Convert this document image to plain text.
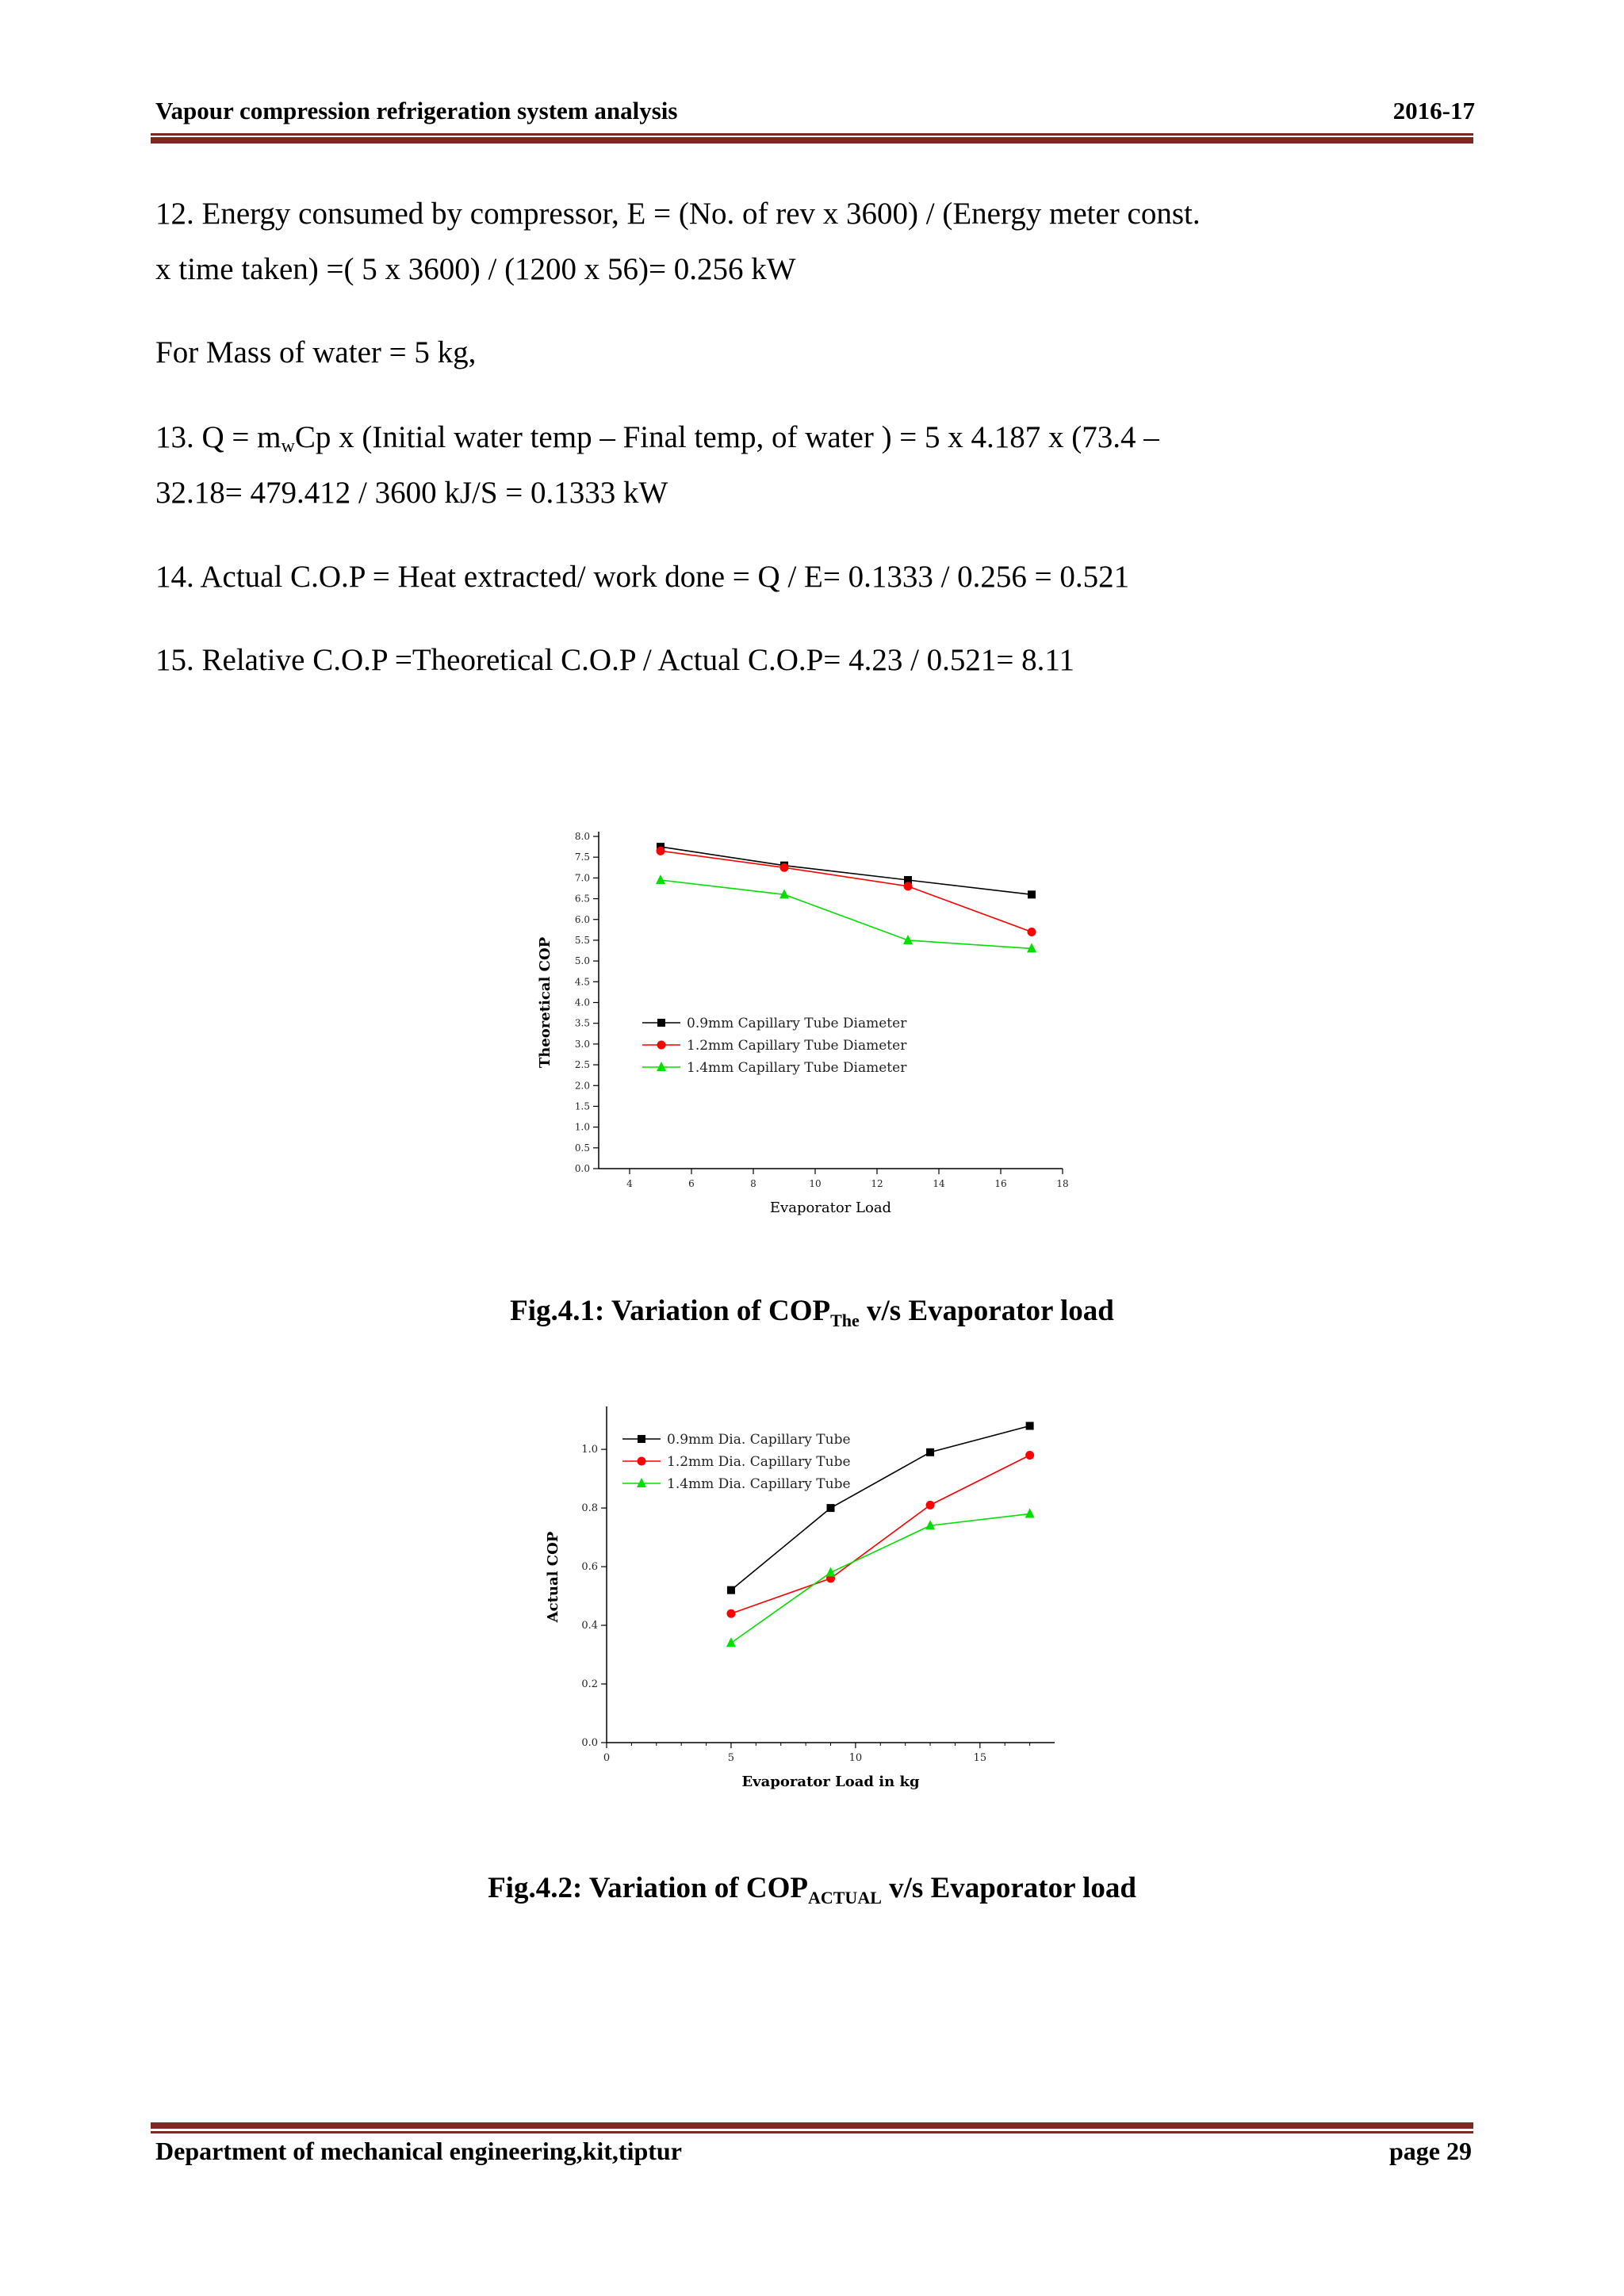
Vapour compression refrigeration system analysis	2016-17

12. Energy consumed by compressor, E = (No. of rev x 3600) / (Energy meter const.

x time taken) =( 5 x 3600) / (1200 x 56)= 0.256 kW

For Mass of water = 5 kg,

13. $Q = m_wCp$ x (Initial water temp – Final temp, of water ) = 5 x 4.187 x (73.4 –

32.18= 479.412 / 3600 kJ/S = 0.1333 kW

14. Actual C.O.P = Heat extracted/ work done = Q / E= 0.1333 / 0.256 = 0.521

15. Relative C.O.P =Theoretical C.O.P / Actual C.O.P= 4.23 / 0.521= 8.11

0.0
0.5
1.0
1.5
2.0
2.5
3.0
3.5
4.0
4.5
5.0
5.5
6.0
6.5
7.0
7.5
8.0
4	6	8	10	12	14	16	18
Evaporator Load
Theoretical COP	0.9mm Capillary Tube Diameter
1.2mm Capillary Tube Diameter
1.4mm Capillary Tube Diameter
Fig.4.1: Variation of $COP_{The}$ v/s Evaporator load
0.0
0.2
0.4
0.6
0.8
1.0
0	5	10	15
Evaporator Load in kg
Actual COP
0.9mm Dia. Capillary Tube
1.2mm Dia. Capillary Tube
1.4mm Dia. Capillary Tube
Fig.4.2: Variation of $COP_{ACTUAL}$ v/s Evaporator load
Department of mechanical engineering,kit,tiptur	page 29
